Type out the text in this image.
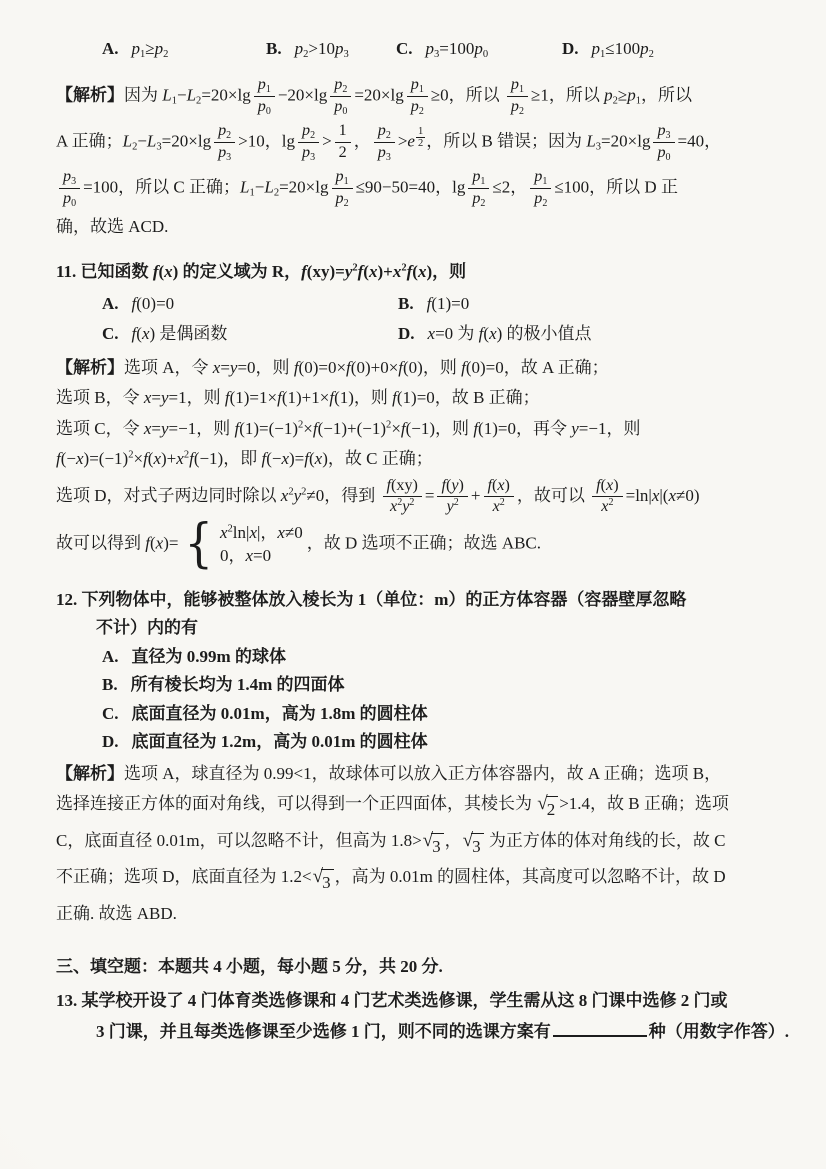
A. $p_1\ge p_2$	B. $p_2>10p_3$	C. $p_3=100p_0$	D. $p_1\le 100p_2$
【解析】因为 $L_1-L_2=20\times\lg \frac{p_1}{p_0} -20\times\lg \frac{p_2}{p_0} =20\times\lg \frac{p_1}{p_2} \ge 0$，所以 $\frac{p_1}{p_2} \ge 1$，所以 $p_2\ge p_1$，所以
A 正确；$L_2-L_3=20\times\lg \frac{p_2}{p_3} >10$，$\lg \frac{p_2}{p_3} > \frac{1}{2}$ ， $\frac{p_2}{p_3} >e$ $^{\frac{1}{2}}$ ，所以 B 错误；因为 $L_3=20\times\lg \frac{p_3}{p_0} =40$，
$\frac{p_3}{p_0} =100$，所以 C 正确；$L_1-L_2=20\times\lg \frac{p_1}{p_2} \le 90-50=40$，$\lg \frac{p_1}{p_2} \le 2$， $\frac{p_1}{p_2} \le 100$，所以 D 正
确，故选 ACD.
11. 已知函数 f(x) 的定义域为 R，$f(xy)=y^2f(x)+x^2f(x)$，则
A. f(0)=0	B. f(1)=0
C. f(x) 是偶函数	D. x=0 为 f(x) 的极小值点
【解析】选项 A，令 x=y=0，则 f(0)=0×f(0)+0×f(0)，则 f(0)=0，故 A 正确；
选项 B，令 x=y=1，则 f(1)=1×f(1)+1×f(1)，则 f(1)=0，故 B 正确；
选项 C，令 x=y=−1，则 $f(1)=(-1)^2\times f(-1)+(-1)^2\times f(-1)$，则 f(1)=0，再令 y=−1，则
$f(-x)=(-1)^2\times f(x)+x^2f(-1)$，即 f(−x)=f(x)，故 C 正确；
选项 D，对式子两边同时除以 $x^2y^2\ne 0$，得到 $\frac{f(xy)}{x^2y^2} = \frac{f(y)}{y^2} + \frac{f(x)}{x^2}$ ，故可以 $\frac{f(x)}{x^2} =\ln|x|(x\ne 0)$
故可以得到 f(x)= { $x^2\ln|x|$，x≠0
0，x=0
，故 D 选项不正确；故选 ABC.
12. 下列物体中，能够被整体放入棱长为 1（单位：m）的正方体容器（容器壁厚忽略
不计）内的有
A. 直径为 0.99m 的球体
B. 所有棱长均为 1.4m 的四面体
C. 底面直径为 0.01m，高为 1.8m 的圆柱体
D. 底面直径为 1.2m，高为 0.01m 的圆柱体
【解析】选项 A，球直径为 0.99<1，故球体可以放入正方体容器内，故 A 正确；选项 B，
选择连接正方体的面对角线，可以得到一个正四面体，其棱长为 √ 2 >1.4，故 B 正确；选项
C，底面直径 0.01m，可以忽略不计，但高为 1.8> √ 3 ， √ 3 为正方体的体对角线的长，故 C
不正确；选项 D，底面直径为 1.2< √ 3 ，高为 0.01m 的圆柱体，其高度可以忽略不计，故 D
正确. 故选 ABD.
三、填空题：本题共 4 小题，每小题 5 分，共 20 分.
13. 某学校开设了 4 门体育类选修课和 4 门艺术类选修课，学生需从这 8 门课中选修 2 门或
3 门课，并且每类选修课至少选修 1 门，则不同的选课方案有	种（用数字作答）.
